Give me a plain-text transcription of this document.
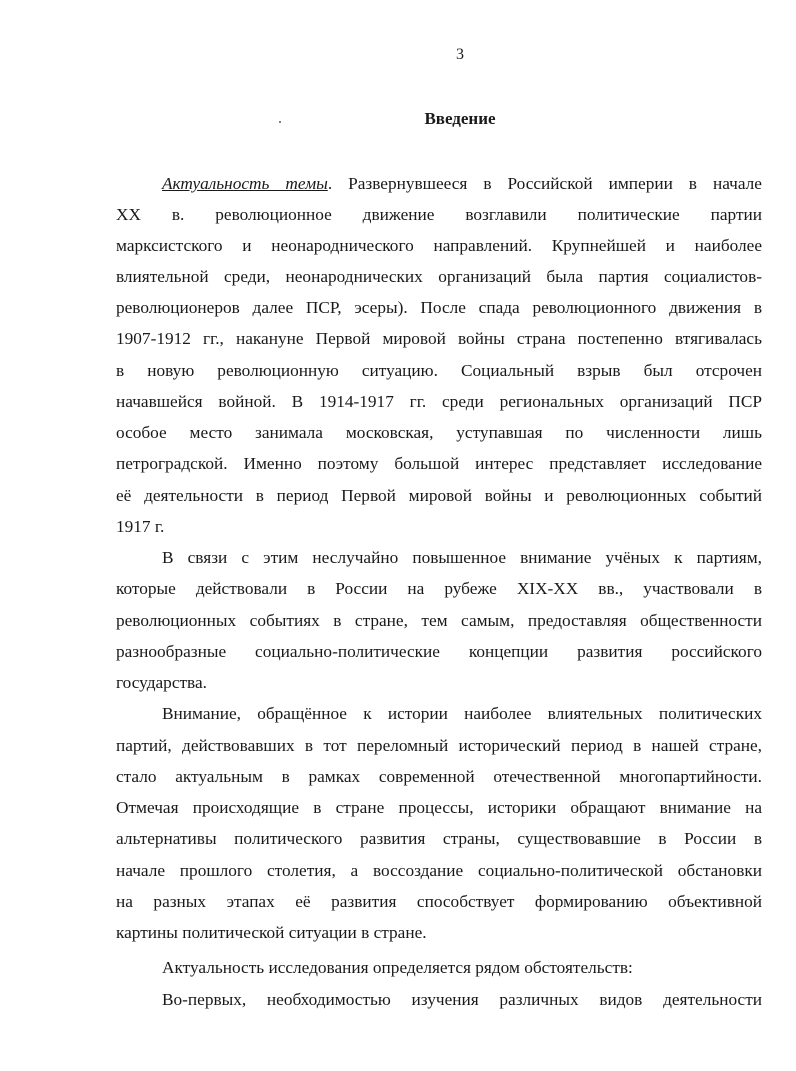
3
Введение
Актуальность темы. Развернувшееся в Российской империи в начале
XX в. революционное движение возглавили политические партии
марксистского и неонароднического направлений. Крупнейшей и наиболее
влиятельной среди, неонароднических организаций была партия социалистов-
революционеров далее ПСР, эсеры). После спада революционного движения в
1907-1912 гг., накануне Первой мировой войны страна постепенно втягивалась
в новую революционную ситуацию. Социальный взрыв был отсрочен
начавшейся войной. В 1914-1917 гг. среди региональных организаций ПСР
особое место занимала московская, уступавшая по численности лишь
петроградской. Именно поэтому большой интерес представляет исследование
её деятельности в период Первой мировой войны и революционных событий
1917 г.
В связи с этим неслучайно повышенное внимание учёных к партиям,
которые действовали в России на рубеже XIX-XX вв., участвовали в
революционных событиях в стране, тем самым, предоставляя общественности
разнообразные социально-политические концепции развития российского
государства.
Внимание, обращённое к истории наиболее влиятельных политических
партий, действовавших в тот переломный исторический период в нашей стране,
стало актуальным в рамках современной отечественной многопартийности.
Отмечая происходящие в стране процессы, историки обращают внимание на
альтернативы политического развития страны, существовавшие в России в
начале прошлого столетия, а воссоздание социально-политической обстановки
на разных этапах её развития способствует формированию объективной
картины политической ситуации в стране.
Актуальность исследования определяется рядом обстоятельств:
Во-первых, необходимостью изучения различных видов деятельности
